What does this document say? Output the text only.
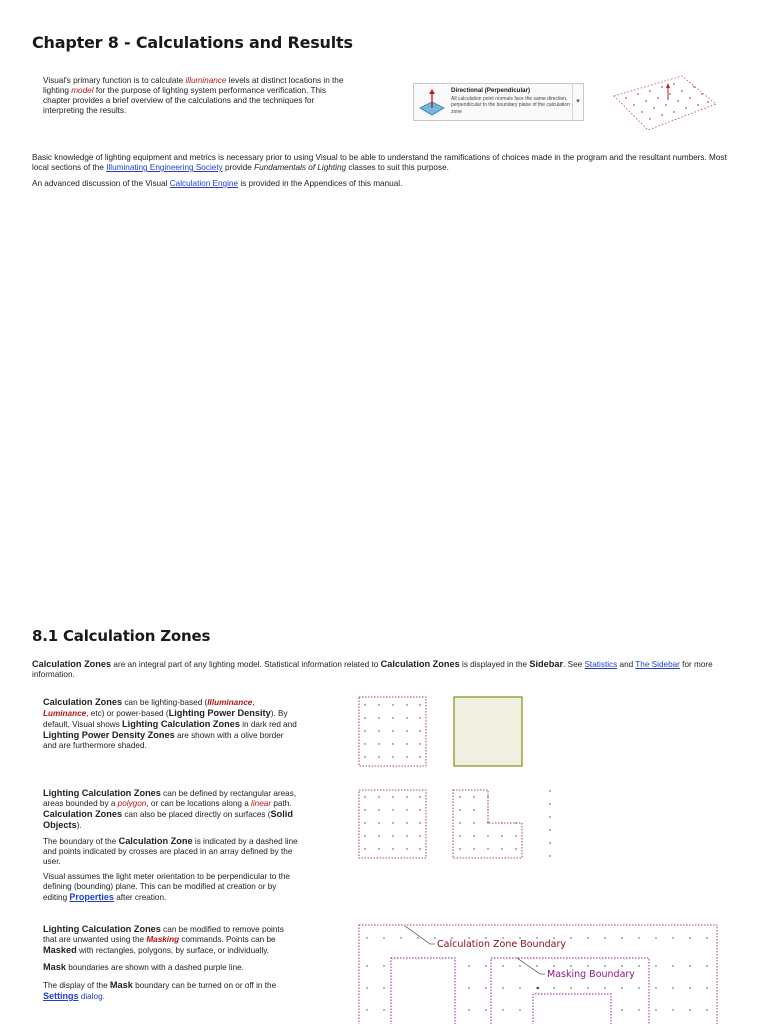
Chapter 8 - Calculations and Results

Visual's primary function is to calculate illuminance levels at distinct locations in the lighting model for the purpose of lighting system performance verification. This chapter provides a brief overview of the calculations and the techniques for interpreting the results.

Directional (Perpendicular)
All calculation point normals face the same direction, perpendicular to the boundary plane of the calculation zone
▾

Basic knowledge of lighting equipment and metrics is necessary prior to using Visual to be able to understand the ramifications of choices made in the program and the resultant numbers. Most local sections of the Illuminating Engineering Society provide Fundamentals of Lighting classes to suit this purpose.

An advanced discussion of the Visual Calculation Engine is provided in the Appendices of this manual.

8.1 Calculation Zones

Calculation Zones are an integral part of any lighting model. Statistical information related to Calculation Zones is displayed in the Sidebar. See Statistics and The Sidebar for more information.

Calculation Zones can be lighting-based (Illuminance, Luminance, etc) or power-based (Lighting Power Density). By default, Visual shows Lighting Calculation Zones in dark red and Lighting Power Density Zones are shown with a olive border and are furthermore shaded.

Lighting Calculation Zones can be defined by rectangular areas, areas bounded by a polygon, or can be locations along a linear path. Calculation Zones can also be placed directly on surfaces (Solid Objects).

The boundary of the Calculation Zone is indicated by a dashed line and points indicated by crosses are placed in an array defined by the user.

Visual assumes the light meter orientation to be perpendicular to the defining (bounding) plane. This can be modified at creation or by editing Properties after creation.

Lighting Calculation Zones can be modified to remove points that are unwanted using the Masking commands. Points can be Masked with rectangles, polygons, by surface, or individually.

Mask boundaries are shown with a dashed purple line.

The display of the Mask boundary can be turned on or off in the Settings dialog.

Calculation Zone Boundary
Masking Boundary
